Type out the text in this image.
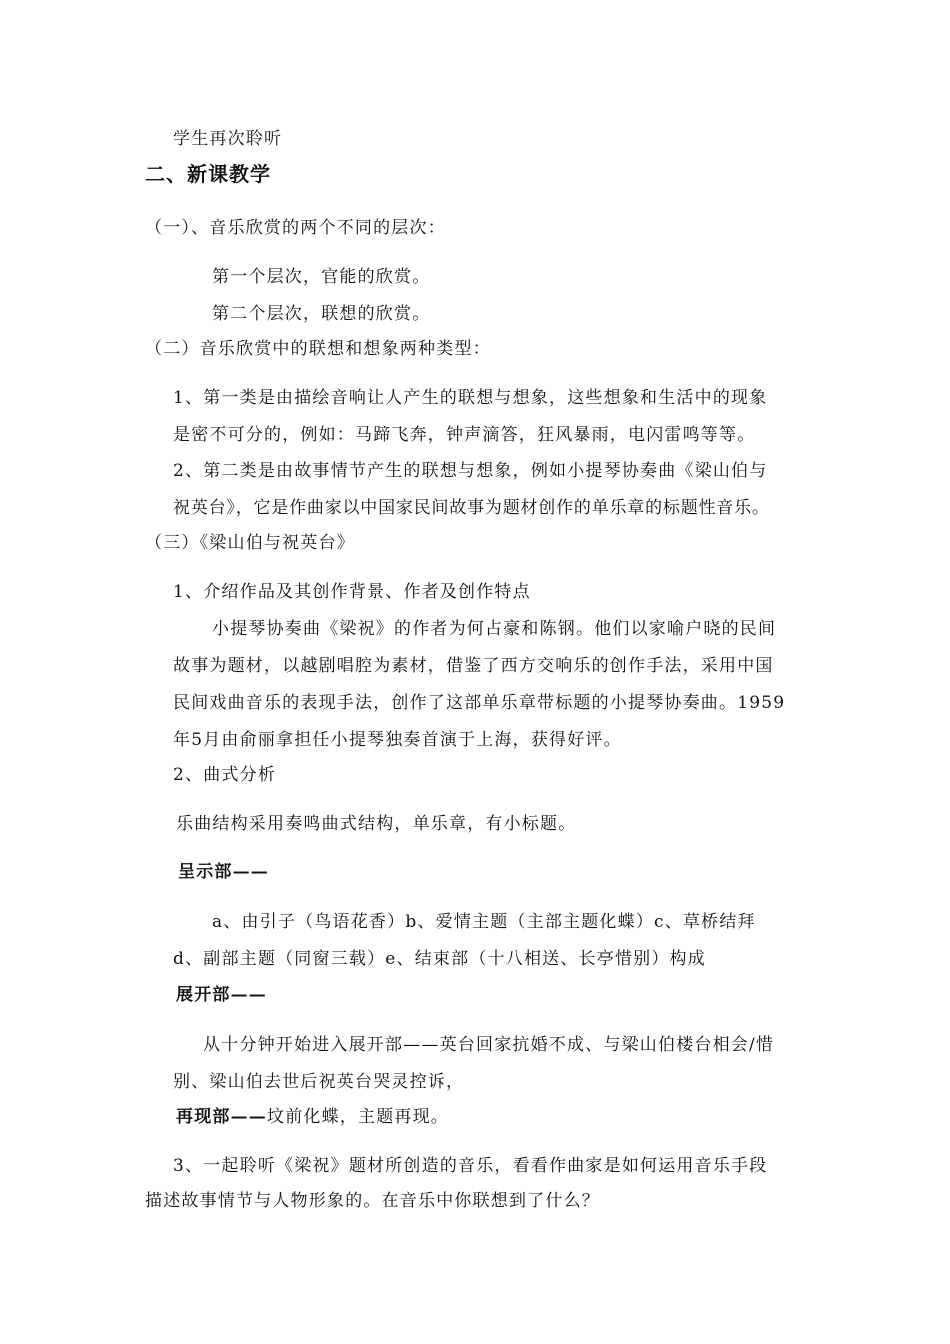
学生再次聆听
二、新课教学
（一）、音乐欣赏的两个不同的层次：
第一个层次，官能的欣赏。
第二个层次，联想的欣赏。
（二）音乐欣赏中的联想和想象两种类型：
1、第一类是由描绘音响让人产生的联想与想象，这些想象和生活中的现象
是密不可分的，例如：马蹄飞奔，钟声滴答，狂风暴雨，电闪雷鸣等等。
2、第二类是由故事情节产生的联想与想象，例如小提琴协奏曲《梁山伯与
祝英台》，它是作曲家以中国家民间故事为题材创作的单乐章的标题性音乐。
（三）《梁山伯与祝英台》
1、介绍作品及其创作背景、作者及创作特点
小提琴协奏曲《梁祝》的作者为何占豪和陈钢。他们以家喻户晓的民间
故事为题材，以越剧唱腔为素材，借鉴了西方交响乐的创作手法，采用中国
民间戏曲音乐的表现手法，创作了这部单乐章带标题的小提琴协奏曲。1959
年5月由俞丽拿担任小提琴独奏首演于上海，获得好评。
2、曲式分析
乐曲结构采用奏鸣曲式结构，单乐章，有小标题。
呈示部——
a、由引子（鸟语花香）b、爱情主题（主部主题化蝶）c、草桥结拜
d、副部主题（同窗三载）e、结束部（十八相送、长亭惜别）构成
展开部——
从十分钟开始进入展开部——英台回家抗婚不成、与梁山伯楼台相会/惜
别、梁山伯去世后祝英台哭灵控诉，
再现部——坟前化蝶，主题再现。
3、一起聆听《梁祝》题材所创造的音乐，看看作曲家是如何运用音乐手段
描述故事情节与人物形象的。在音乐中你联想到了什么？
